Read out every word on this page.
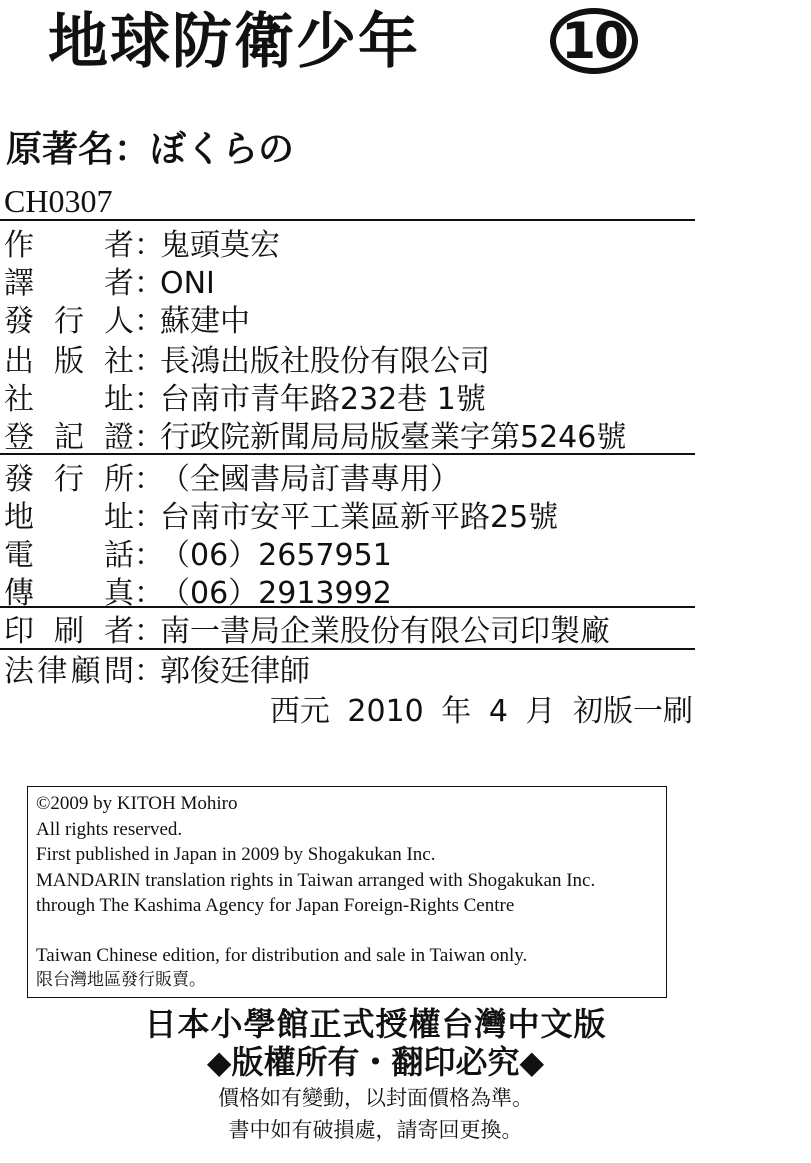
地球防衛少年	10
原著名：ぼくらの
CH0307
作 者 ：
鬼頭莫宏
譯 者 ：
ONI
發 行 人 ：
蘇建中
出 版 社 ：
長鴻出版社股份有限公司
社 址 ：
台南市青年路232巷 1號
登 記 證 ：
行政院新聞局局版臺業字第5246號
發 行 所 ：
（全國書局訂書專用）
地 址 ：
台南市安平工業區新平路25號
電 話 ：
（06）2657951
傳 真 ：
（06）2913992
印 刷 者 ：
南一書局企業股份有限公司印製廠
法 律 顧 問 ：
郭俊廷律師
西元 2010 年 4 月 初版一刷
©2009 by KITOH Mohiro
All rights reserved.
First published in Japan in 2009 by Shogakukan Inc.
MANDARIN translation rights in Taiwan arranged with Shogakukan Inc.
through The Kashima Agency for Japan Foreign-Rights Centre
Taiwan Chinese edition, for distribution and sale in Taiwan only.
限台灣地區發行販賣。
日本小學館正式授權台灣中文版
◆版權所有・翻印必究◆
價格如有變動，以封面價格為準。
書中如有破損處，請寄回更換。
